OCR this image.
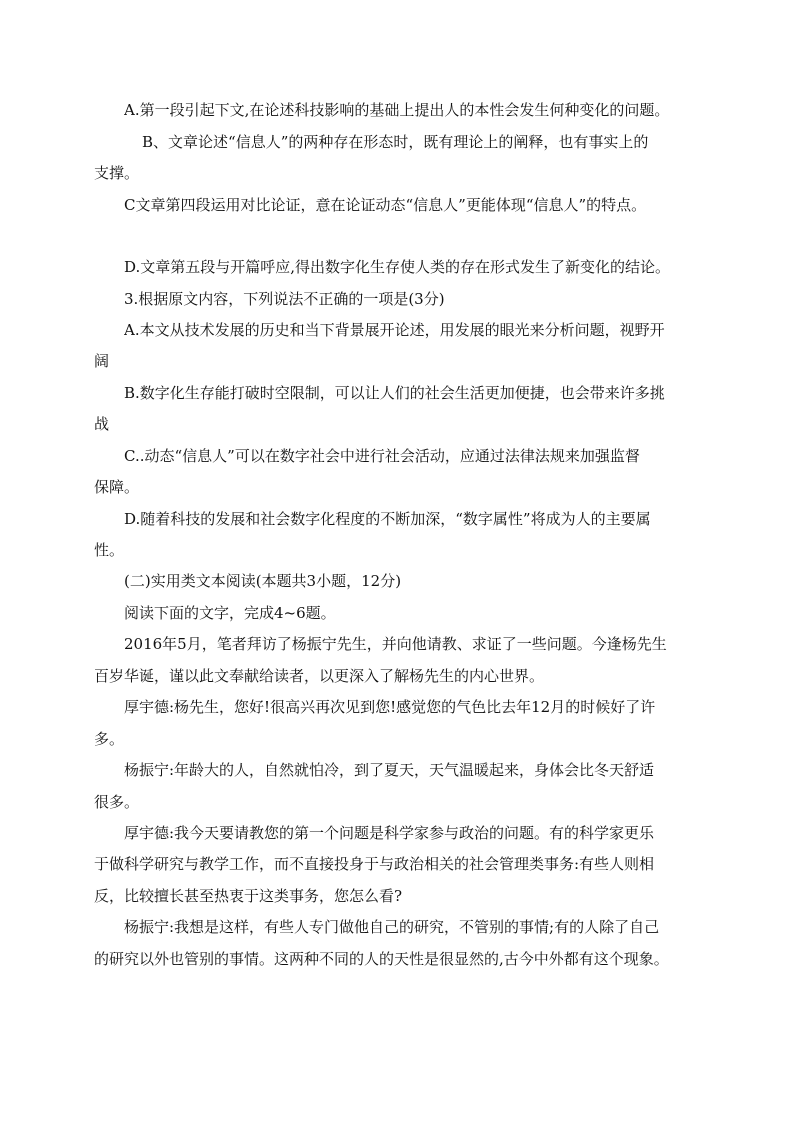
A.第一段引起下文,在论述科技影响的基础上提出人的本性会发生何种变化的问题。
B、文章论述“信息人”的两种存在形态时，既有理论上的阐释，也有事实上的
支撑。
C文章第四段运用对比论证，意在论证动态“信息人”更能体现“信息人”的特点。
D.文章第五段与开篇呼应,得出数字化生存使人类的存在形式发生了新变化的结论。
3.根据原文内容，下列说法不正确的一项是(3分)
A.本文从技术发展的历史和当下背景展开论述，用发展的眼光来分析问题，视野开
阔
B.数字化生存能打破时空限制，可以让人们的社会生活更加便捷，也会带来许多挑
战
C..动态“信息人”可以在数字社会中进行社会活动，应通过法律法规来加强监督
保障。
D.随着科技的发展和社会数字化程度的不断加深，“数字属性”将成为人的主要属
性。
(二)实用类文本阅读(本题共3小题，12分)
阅读下面的文字，完成4~6题。
2016年5月，笔者拜访了杨振宁先生，并向他请教、求证了一些问题。今逢杨先生
百岁华诞，谨以此文奉献给读者，以更深入了解杨先生的内心世界。
厚宇德:杨先生，您好!很高兴再次见到您!感觉您的气色比去年12月的时候好了许
多。
杨振宁:年龄大的人，自然就怕冷，到了夏天，天气温暖起来，身体会比冬天舒适
很多。
厚宇德:我今天要请教您的第一个问题是科学家参与政治的问题。有的科学家更乐
于做科学研究与教学工作，而不直接投身于与政治相关的社会管理类事务:有些人则相
反，比较擅长甚至热衷于这类事务，您怎么看?
杨振宁:我想是这样，有些人专门做他自己的研究，不管别的事情;有的人除了自己
的研究以外也管别的事情。这两种不同的人的天性是很显然的,古今中外都有这个现象。
